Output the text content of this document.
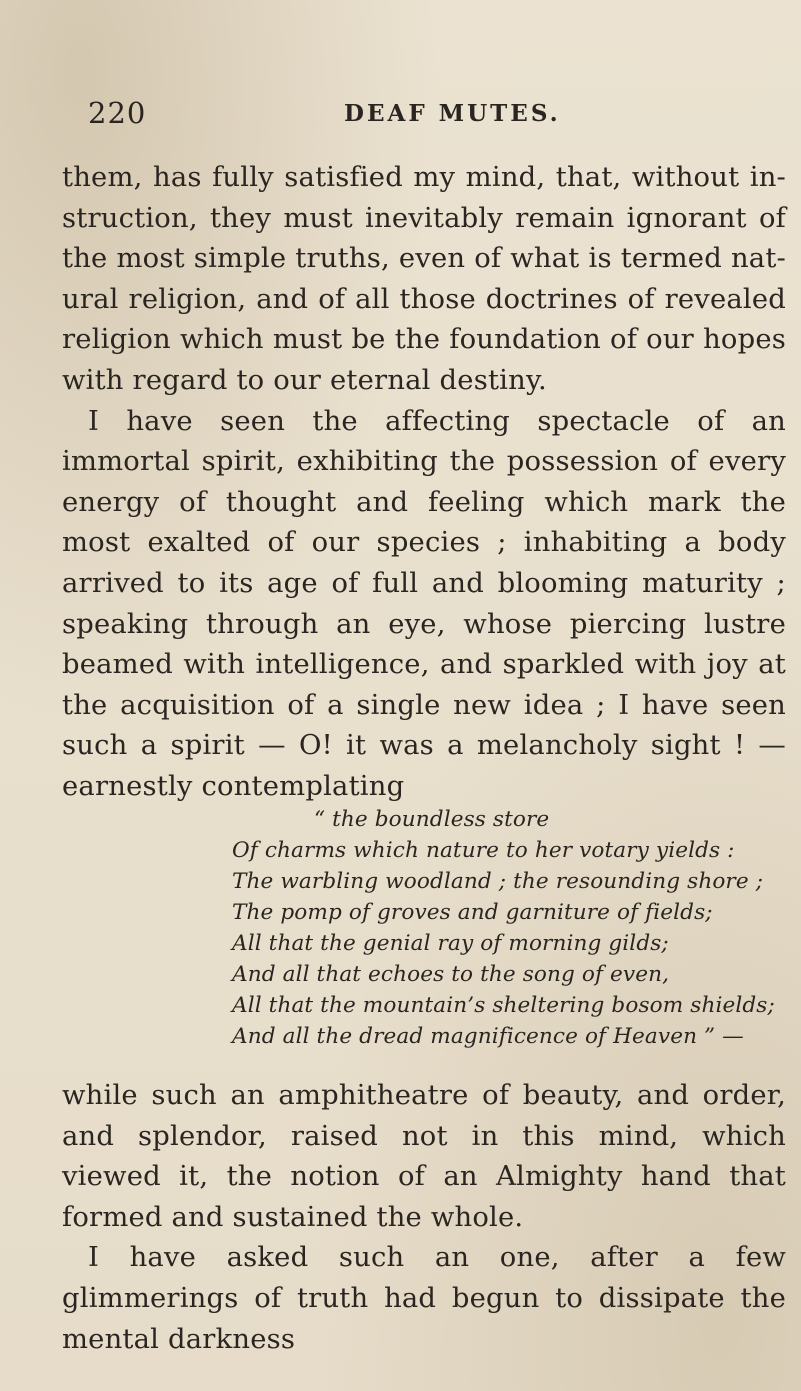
220	DEAF MUTES.

them, has fully satisfied my mind, that, without in- struction, they must inevitably remain ignorant of the most simple truths, even of what is termed nat- ural religion, and of all those doctrines of revealed religion which must be the foundation of our hopes with regard to our eternal destiny.

I have seen the affecting spectacle of an immortal spirit, exhibiting the possession of every energy of thought and feeling which mark the most exalted of our species ; inhabiting a body arrived to its age of full and blooming maturity ; speaking through an eye, whose piercing lustre beamed with intelligence, and sparkled with joy at the acquisition of a single new idea ; I have seen such a spirit — O! it was a melancholy sight ! — earnestly contemplating

“ the boundless store
Of charms which nature to her votary yields :
The warbling woodland ; the resounding shore ;
The pomp of groves and garniture of fields;
All that the genial ray of morning gilds;
And all that echoes to the song of even,
All that the mountain’s sheltering bosom shields;
And all the dread magnificence of Heaven ” —

while such an amphitheatre of beauty, and order, and splendor, raised not in this mind, which viewed it, the notion of an Almighty hand that formed and sustained the whole.

I have asked such an one, after a few glimmerings of truth had begun to dissipate the mental darkness
